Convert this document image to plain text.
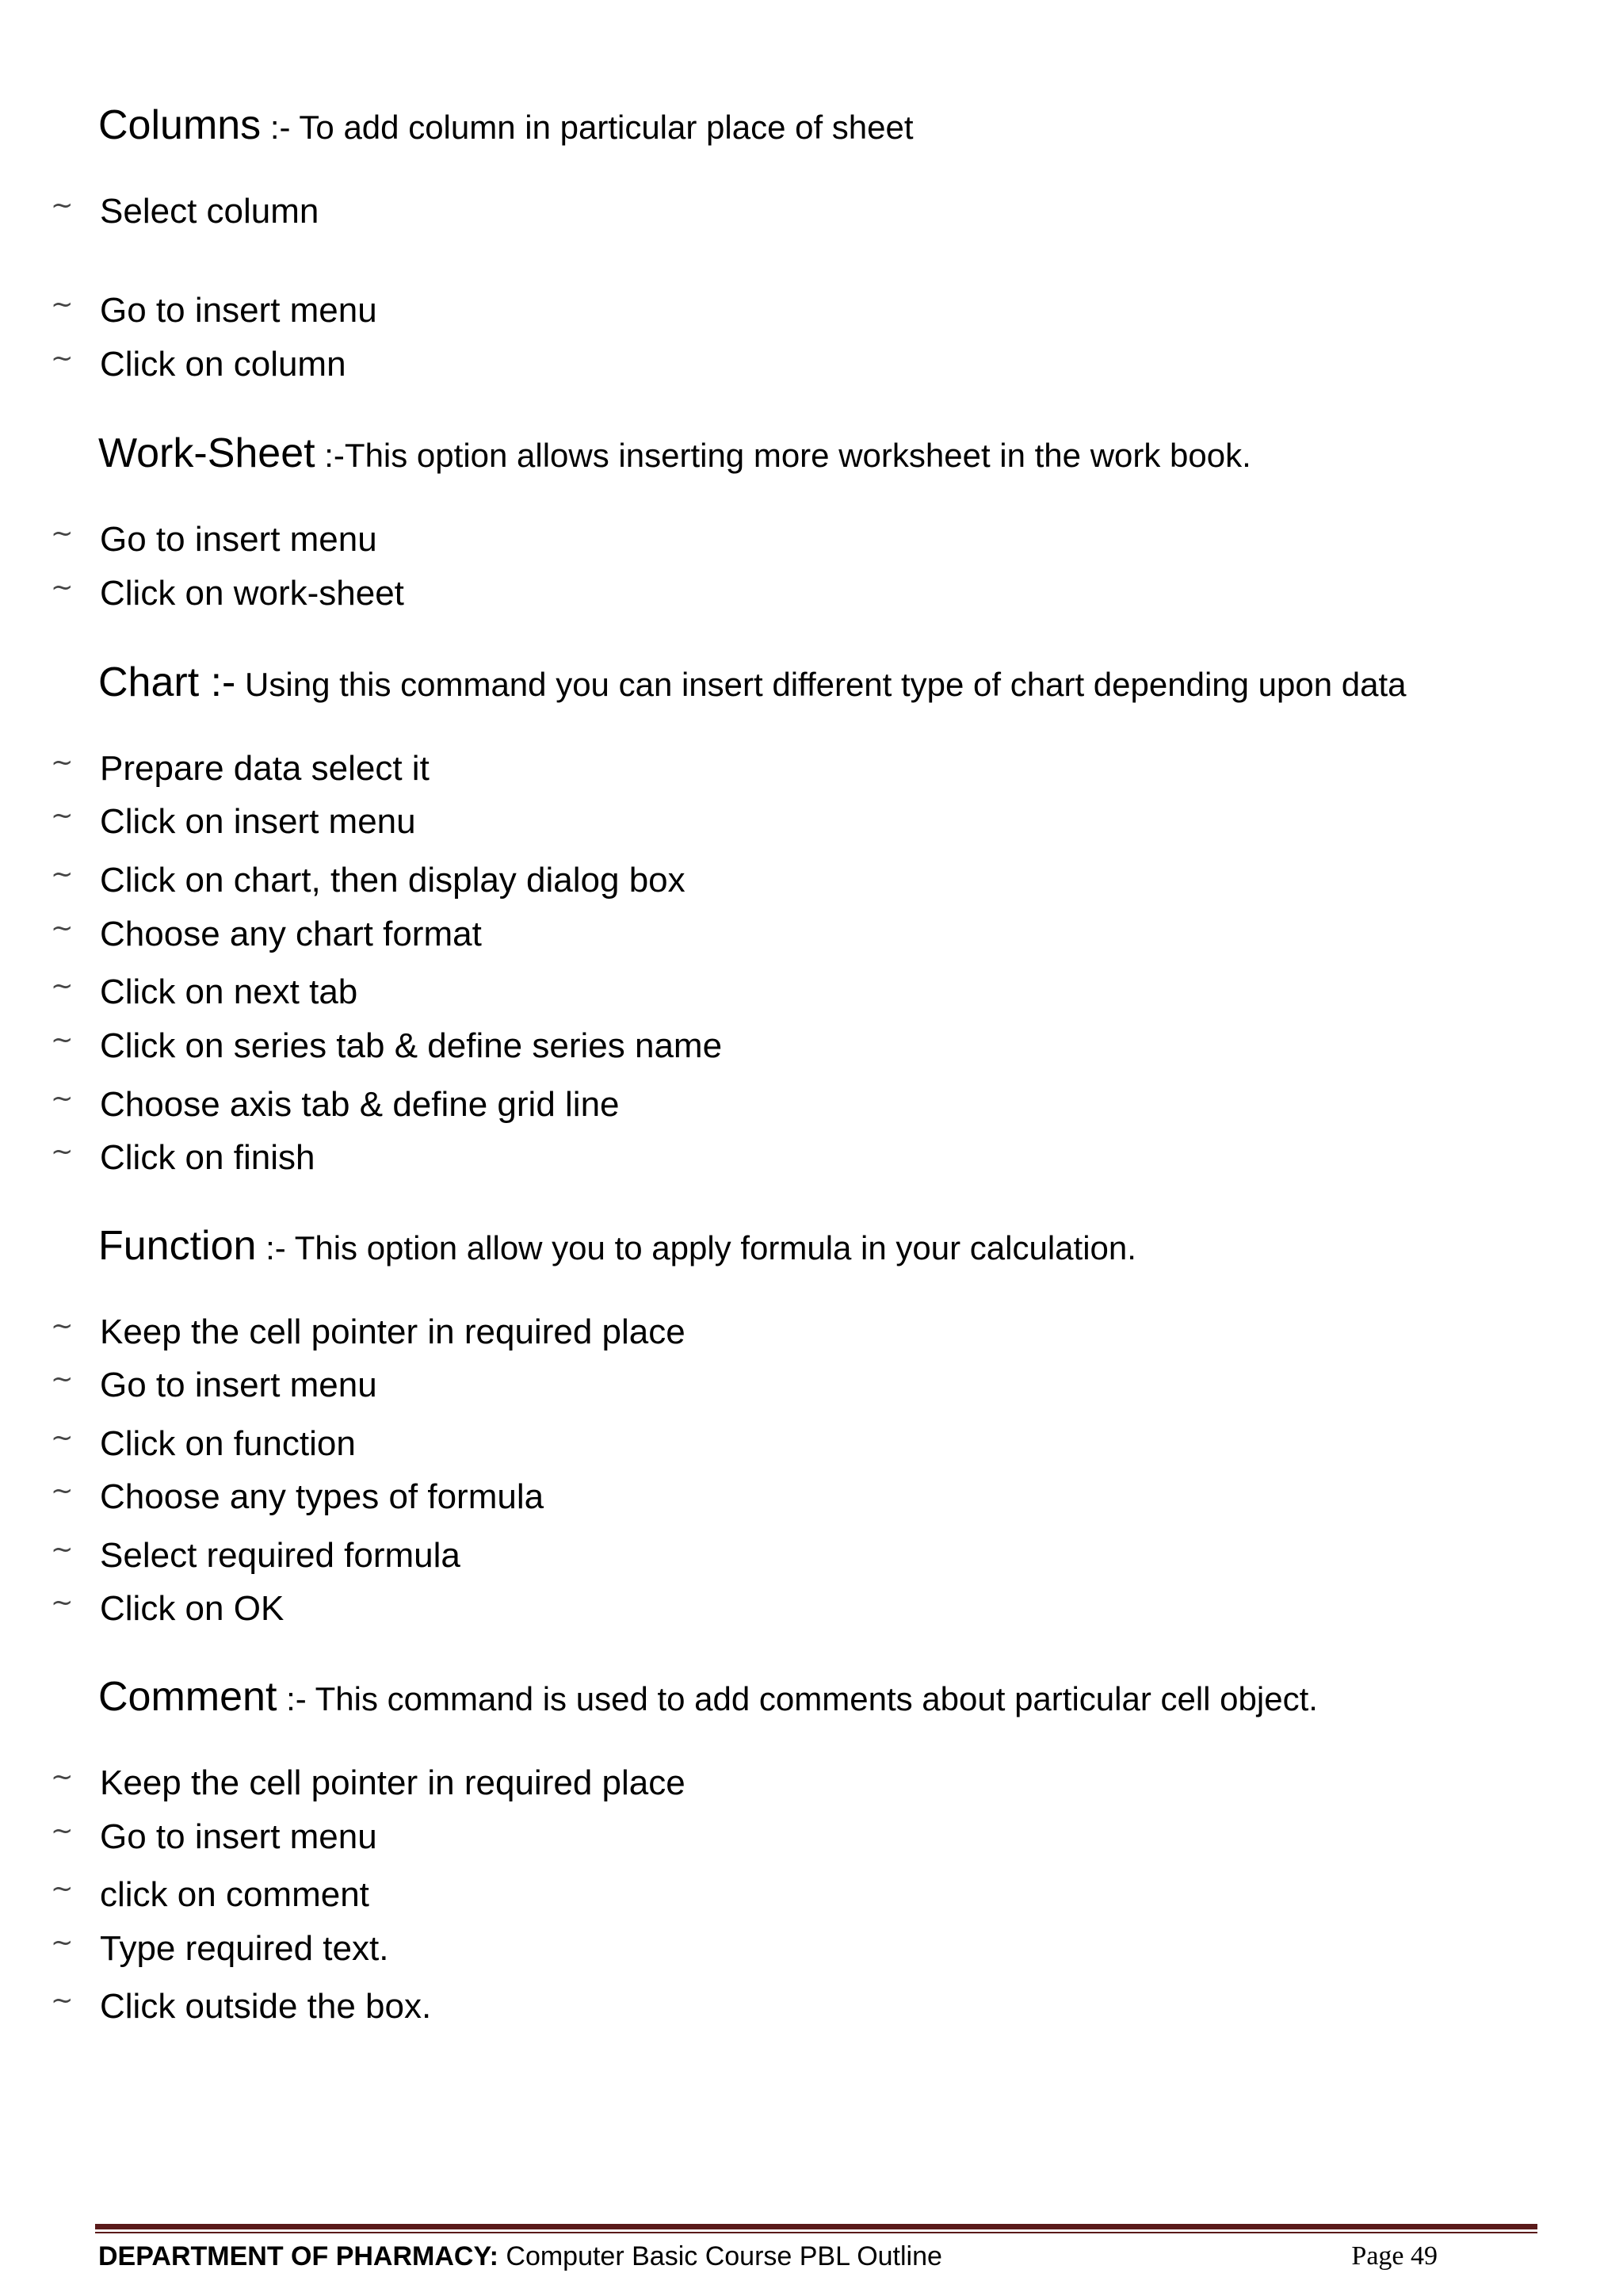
Columns :- To add column in particular place of sheet

~ Select column
~ Go to insert menu
~ Click on column

Work-Sheet :-This option allows inserting more worksheet in the work book.

~ Go to insert menu
~ Click on work-sheet

Chart :- Using this command you can insert different type of chart depending upon data

~ Prepare data select it
~ Click on insert menu
~ Click on chart, then display dialog box
~ Choose any chart format
~ Click on next tab
~ Click on series tab & define series name
~ Choose axis tab & define grid line
~ Click on finish

Function :- This option allow you to apply formula in your calculation.

~ Keep the cell pointer in required place
~ Go to insert menu
~ Click on function
~ Choose any types of formula
~ Select required formula
~ Click on OK

Comment :- This command is used to add comments about particular cell object.

~ Keep the cell pointer in required place
~ Go to insert menu
~ click on comment
~ Type required text.
~ Click outside the box.
DEPARTMENT OF PHARMACY: Computer Basic Course PBL Outline	Page 49
